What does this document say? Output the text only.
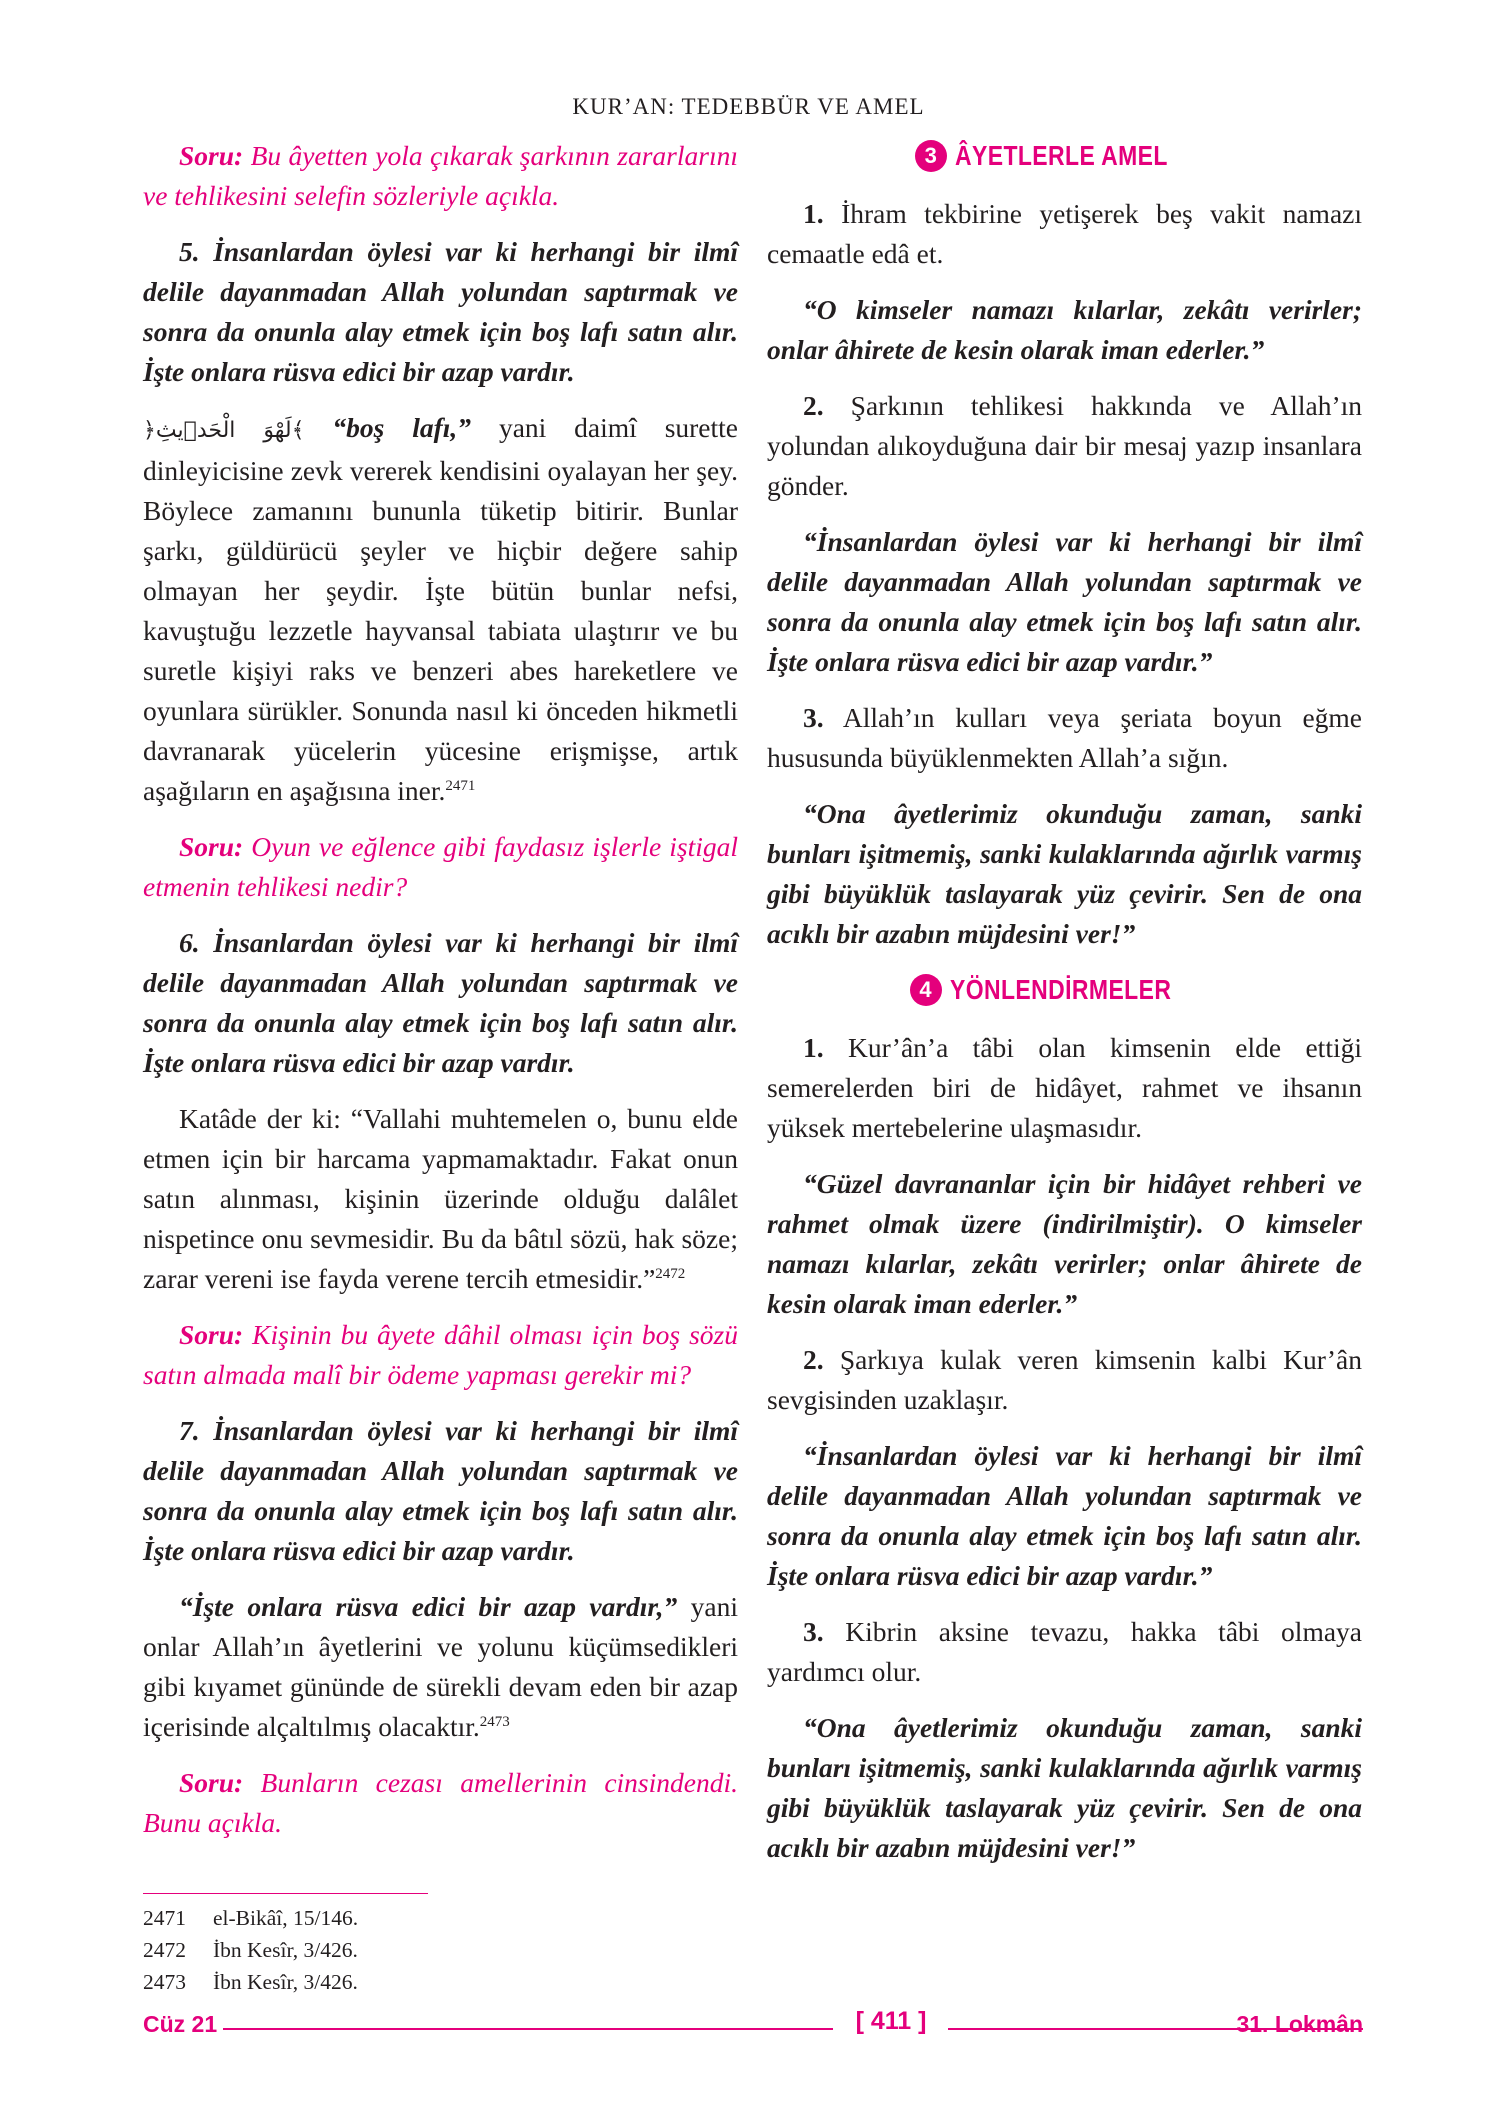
KUR’AN: TEDEBBÜR VE AMEL

Soru: Bu âyetten yola çıkarak şarkının zararlarını ve tehlikesini selefin sözleriyle açıkla.

5. İnsanlardan öylesi var ki herhangi bir ilmî delile dayanmadan Allah yolundan saptırmak ve sonra da onunla alay etmek için boş lafı satın alır. İşte onlara rüsva edici bir azap vardır.

﴿لَهْوَ الْحَد۪يثِ﴾ “boş lafı,” yani daimî surette dinleyicisine zevk vererek kendisini oyalayan her şey. Böylece zamanını bununla tüketip bitirir. Bunlar şarkı, güldürücü şeyler ve hiçbir değere sahip olmayan her şeydir. İşte bütün bunlar nefsi, kavuştuğu lezzetle hayvansal tabiata ulaştırır ve bu suretle kişiyi raks ve benzeri abes hareketlere ve oyunlara sürükler. Sonunda nasıl ki önceden hikmetli davranarak yücelerin yücesine erişmişse, artık aşağıların en aşağısına iner.$^{2471}$

Soru: Oyun ve eğlence gibi faydasız işlerle iştigal etmenin tehlikesi nedir?

6. İnsanlardan öylesi var ki herhangi bir ilmî delile dayanmadan Allah yolundan saptırmak ve sonra da onunla alay etmek için boş lafı satın alır. İşte onlara rüsva edici bir azap vardır.

Katâde der ki: “Vallahi muhtemelen o, bunu elde etmen için bir harcama yapmamaktadır. Fakat onun satın alınması, kişinin üzerinde olduğu dalâlet nispetince onu sevmesidir. Bu da bâtıl sözü, hak söze; zarar vereni ise fayda verene tercih etmesidir.”$^{2472}$

Soru: Kişinin bu âyete dâhil olması için boş sözü satın almada malî bir ödeme yapması gerekir mi?

7. İnsanlardan öylesi var ki herhangi bir ilmî delile dayanmadan Allah yolundan saptırmak ve sonra da onunla alay etmek için boş lafı satın alır. İşte onlara rüsva edici bir azap vardır.

“İşte onlara rüsva edici bir azap vardır,” yani onlar Allah’ın âyetlerini ve yolunu küçümsedikleri gibi kıyamet gününde de sürekli devam eden bir azap içerisinde alçaltılmış olacaktır.$^{2473}$

Soru: Bunların cezası amellerinin cinsindendi. Bunu açıkla.

3 ÂYETLERLE AMEL

1. İhram tekbirine yetişerek beş vakit namazı cemaatle edâ et.

“O kimseler namazı kılarlar, zekâtı verirler; onlar âhirete de kesin olarak iman ederler.”

2. Şarkının tehlikesi hakkında ve Allah’ın yolundan alıkoyduğuna dair bir mesaj yazıp insanlara gönder.

“İnsanlardan öylesi var ki herhangi bir ilmî delile dayanmadan Allah yolundan saptırmak ve sonra da onunla alay etmek için boş lafı satın alır. İşte onlara rüsva edici bir azap vardır.”

3. Allah’ın kulları veya şeriata boyun eğme hususunda büyüklenmekten Allah’a sığın.

“Ona âyetlerimiz okunduğu zaman, sanki bunları işitmemiş, sanki kulaklarında ağırlık varmış gibi büyüklük taslayarak yüz çevirir. Sen de ona acıklı bir azabın müjdesini ver!”

4 YÖNLENDİRMELER

1. Kur’ân’a tâbi olan kimsenin elde ettiği semerelerden biri de hidâyet, rahmet ve ihsanın yüksek mertebelerine ulaşmasıdır.

“Güzel davrananlar için bir hidâyet rehberi ve rahmet olmak üzere (indirilmiştir). O kimseler namazı kılarlar, zekâtı verirler; onlar âhirete de kesin olarak iman ederler.”

2. Şarkıya kulak veren kimsenin kalbi Kur’ân sevgisinden uzaklaşır.

“İnsanlardan öylesi var ki herhangi bir ilmî delile dayanmadan Allah yolundan saptırmak ve sonra da onunla alay etmek için boş lafı satın alır. İşte onlara rüsva edici bir azap vardır.”

3. Kibrin aksine tevazu, hakka tâbi olmaya yardımcı olur.

“Ona âyetlerimiz okunduğu zaman, sanki bunları işitmemiş, sanki kulaklarında ağırlık varmış gibi büyüklük taslayarak yüz çevirir. Sen de ona acıklı bir azabın müjdesini ver!”

2471	el-Bikâî, 15/146.
2472	İbn Kesîr, 3/426.
2473	İbn Kesîr, 3/426.
Cüz 21	[ 411 ]	31. Lokmân
